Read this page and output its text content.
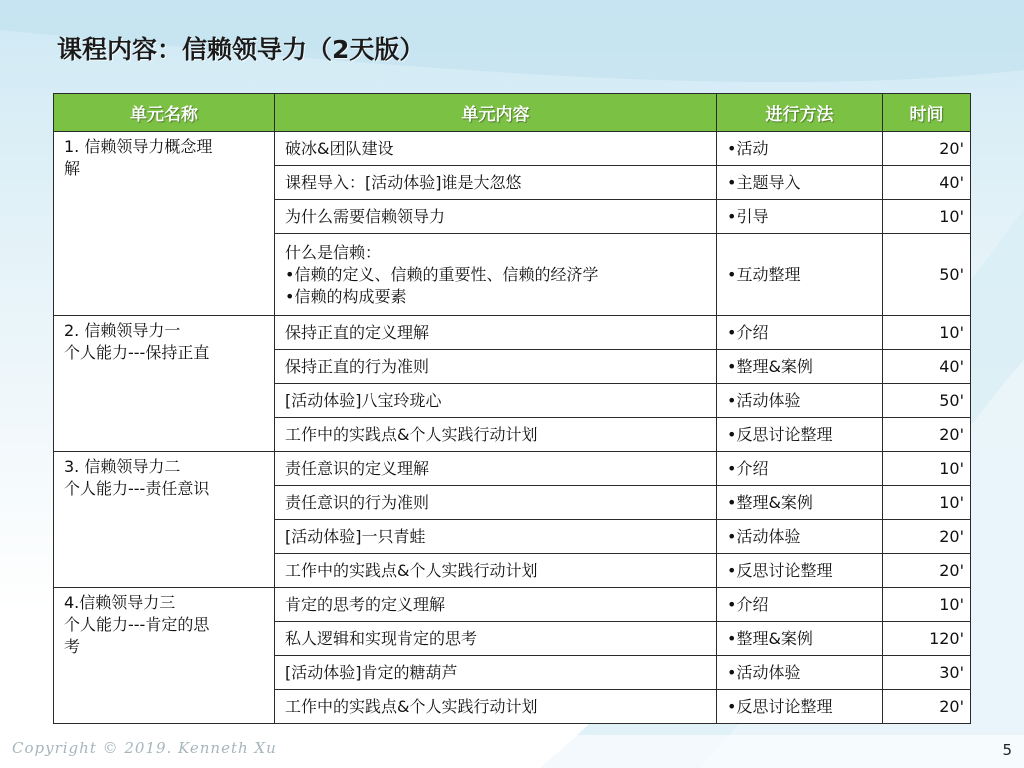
课程内容：信赖领导力（2天版）
单元名称	单元内容	进行方法	时间
1. 信赖领导力概念理
解	破冰&团队建设	•活动	20'
	课程导入：[活动体验]谁是大忽悠	•主题导入	40'
	为什么需要信赖领导力	•引导	10'
	什么是信赖：
•信赖的定义、信赖的重要性、信赖的经济学
•信赖的构成要素	•互动整理	50'
2. 信赖领导力一
个人能力---保持正直	保持正直的定义理解	•介绍	10'
	保持正直的行为准则	•整理&案例	40'
	[活动体验]八宝玲珑心	•活动体验	50'
	工作中的实践点&个人实践行动计划	•反思讨论整理	20'
3. 信赖领导力二
个人能力---责任意识	责任意识的定义理解	•介绍	10'
	责任意识的行为准则	•整理&案例	10'
	[活动体验]一只青蛙	•活动体验	20'
	工作中的实践点&个人实践行动计划	•反思讨论整理	20'
4.信赖领导力三
个人能力---肯定的思
考	肯定的思考的定义理解	•介绍	10'
	私人逻辑和实现肯定的思考	•整理&案例	120'
	[活动体验]肯定的糖葫芦	•活动体验	30'
	工作中的实践点&个人实践行动计划	•反思讨论整理	20'
Copyright © 2019. Kenneth Xu	5
